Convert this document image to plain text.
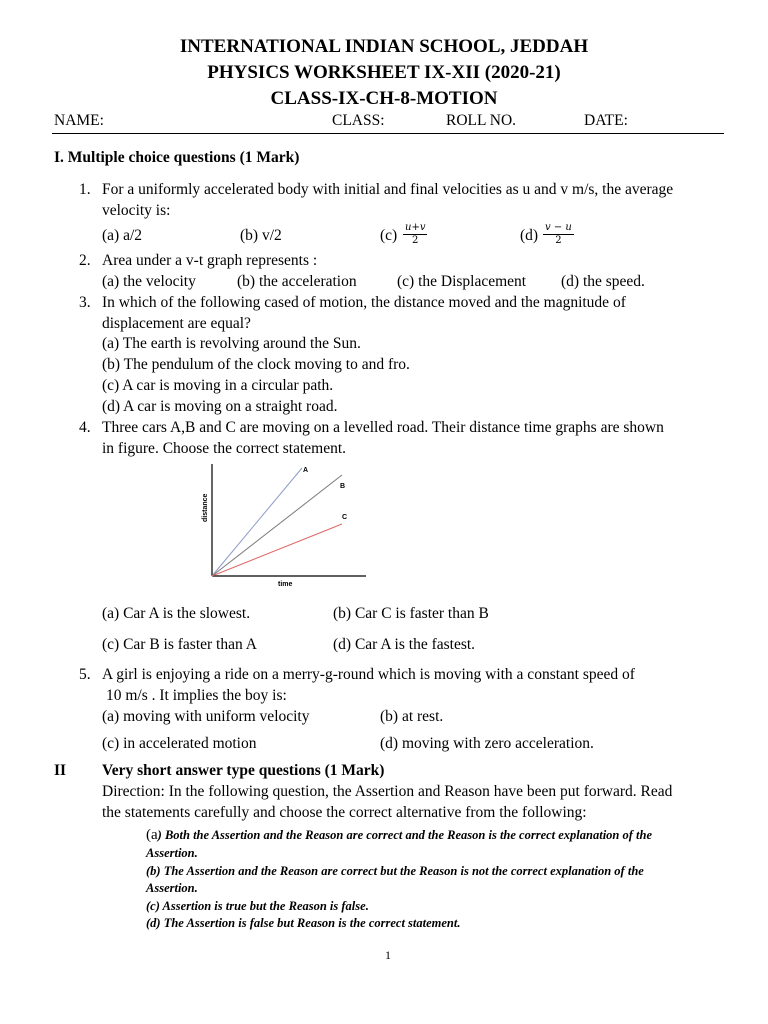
INTERNATIONAL INDIAN SCHOOL, JEDDAH
PHYSICS WORKSHEET IX-XII (2020-21)
CLASS-IX-CH-8-MOTION
NAME:	CLASS:	ROLL NO.	DATE:
I. Multiple choice questions (1 Mark)
1. For a uniformly accelerated body with initial and final velocities as u and v m/s, the average
velocity is:
(a) a/2	(b) v/2	$(c) \frac{u+v}{2}$	$(d) \frac{v - u}{2}$
2. Area under a v-t graph represents :
(a) the velocity	(b) the acceleration	(c) the Displacement (d) the speed.
3. In which of the following cased of motion, the distance moved and the magnitude of
displacement are equal?
(a) The earth is revolving around the Sun.
(b) The pendulum of the clock moving to and fro.
(c) A car is moving in a circular path.
(d) A car is moving on a straight road.
4. Three cars A,B and C are moving on a levelled road. Their distance time graphs are shown
in figure. Choose the correct statement.
A
B
C
time
distance
(a) Car A is the slowest.	(b) Car C is faster than B
(c) Car B is faster than A	(d) Car A is the fastest.
5. A girl is enjoying a ride on a merry-g-round which is moving with a constant speed of
10 m/s . It implies the boy is:
(a) moving with uniform velocity	(b) at rest.
(c) in accelerated motion	(d) moving with zero acceleration.
II Very short answer type questions (1 Mark)
Direction: In the following question, the Assertion and Reason have been put forward. Read
the statements carefully and choose the correct alternative from the following:
(a) Both the Assertion and the Reason are correct and the Reason is the correct explanation of the
Assertion.
(b) The Assertion and the Reason are correct but the Reason is not the correct explanation of the
Assertion.
(c) Assertion is true but the Reason is false.
(d) The Assertion is false but Reason is the correct statement.
1
